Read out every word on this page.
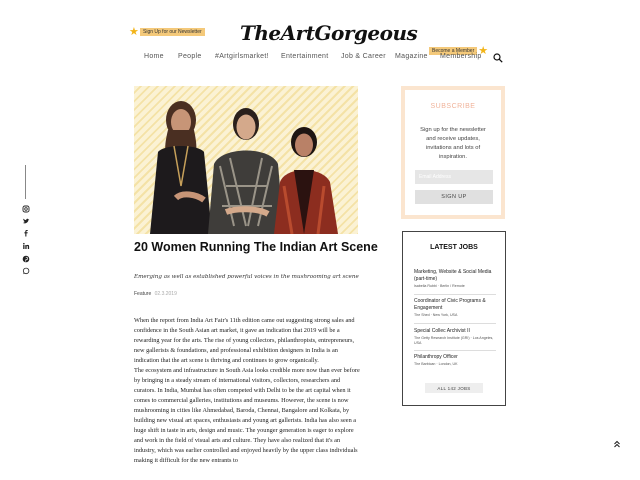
★ Sign Up for our Newsletter TheArtGorgeous
Become a Member ★
Home People #Artgirlsmarket! Entertainment Job & Career Magazine Membership
20 Women Running The Indian Art Scene
Emerging as well as established powerful voices in the mushrooming art scene
Feature 02.3.2019

When the report from India Art Fair's 11th edition came out suggesting strong sales and confidence in the South Asian art market, it gave an indication that 2019 will be a rewarding year for the arts. The rise of young collectors, philanthropists, entrepreneurs, new gallerists & foundations, and professional exhibition designers in India is an indication that the art scene is thriving and continues to grow organically.

The ecosystem and infrastructure in South Asia looks credible more now than ever before by bringing in a steady stream of international visitors, collectors, researchers and curators. In India, Mumbai has often competed with Delhi to be the art capital when it comes to commercial galleries, institutions and museums. However, the scene is now mushrooming in cities like Ahmedabad, Baroda, Chennai, Bangalore and Kolkata, by building new visual art spaces, enthusiasts and young art gallerists. India has also seen a huge shift in taste in arts, design and music. The younger generation is eager to explore and work in the field of visual arts and culture. They have also realized that it's an industry, which was earlier controlled and enjoyed heavily by the upper class individuals making it difficult for the new entrants to

SUBSCRIBE
Sign up for the newsletter and receive updates, invitations and lots of inspiration.
Email Address
SIGN UP
LATEST JOBS
Marketing, Website & Social Media (part-time)
Isabella Rubbi · Berlin / Remote
Coordinator of Civic Programs & Engagement
The Shed · New York, USA
Special Collec Archivist II
The Getty Research Institute (GRI) · Los Angeles, USA
Philanthropy Officer
The Barbican · London, UK
ALL 142 JOBS
